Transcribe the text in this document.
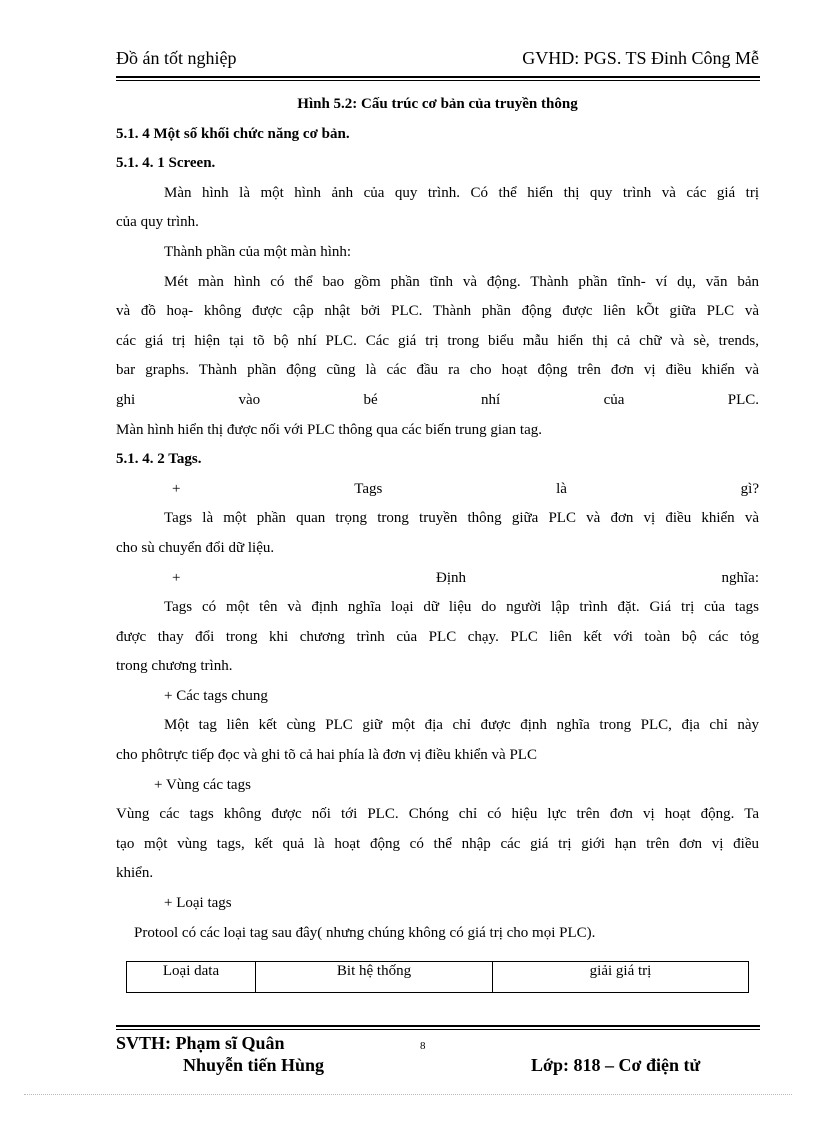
Đồ án tốt nghiệp	GVHD: PGS. TS Đinh Công Mễ
Hình 5.2: Cấu trúc cơ bản của truyền thông
5.1. 4 Một số khối chức năng cơ bản.
5.1. 4. 1 Screen.
Màn hình là một hình ảnh của quy trình. Có thể hiển thị quy trình và các giá trị
của quy trình.
Thành phần của một màn hình:
Mét màn hình có thể bao gồm phần tĩnh và động. Thành phần tĩnh- ví dụ, văn bản
và đồ hoạ- không được cập nhật bởi PLC. Thành phần động được liên kÕt giữa PLC và
các giá trị hiện tại tõ bộ nhí PLC. Các giá trị trong biểu mẫu hiển thị cả chữ và sè, trends,
bar graphs. Thành phần động cũng là các đầu ra cho hoạt động trên đơn vị điều khiển và
ghi	vào	bé	nhí	của	PLC.
Màn hình hiển thị được nối với PLC thông qua các biến trung gian tag.
5.1. 4. 2 Tags.
+	Tags	là	gì?
Tags là một phần quan trọng trong truyền thông giữa PLC và đơn vị điều khiển và
cho sù chuyển đổi dữ liệu.
+	Định	nghĩa:
Tags có một tên và định nghĩa loại dữ liệu do người lập trình đặt. Giá trị của tags
được thay đổi trong khi chương trình của PLC chạy. PLC liên kết với toàn bộ các tỏg
trong chương trình.
+ Các tags chung
Một tag liên kết cùng PLC giữ một địa chỉ được định nghĩa trong PLC, địa chỉ này
cho phôtrực tiếp đọc và ghi tõ cả hai phía là đơn vị điều khiển và PLC
+ Vùng các tags
Vùng các tags không được nối tới PLC. Chóng chỉ có hiệu lực trên đơn vị hoạt động. Ta
tạo một vùng tags, kết quả là hoạt động có thể nhập các giá trị giới hạn trên đơn vị điều
khiển.
+ Loại tags
Protool có các loại tag sau đây( nhưng chúng không có giá trị cho mọi PLC).
Loại data	Bit hệ thống	giải giá trị
SVTH: Phạm sĩ Quân
Nhuyễn tiến Hùng	Lớp: 818 – Cơ điện tử
8
